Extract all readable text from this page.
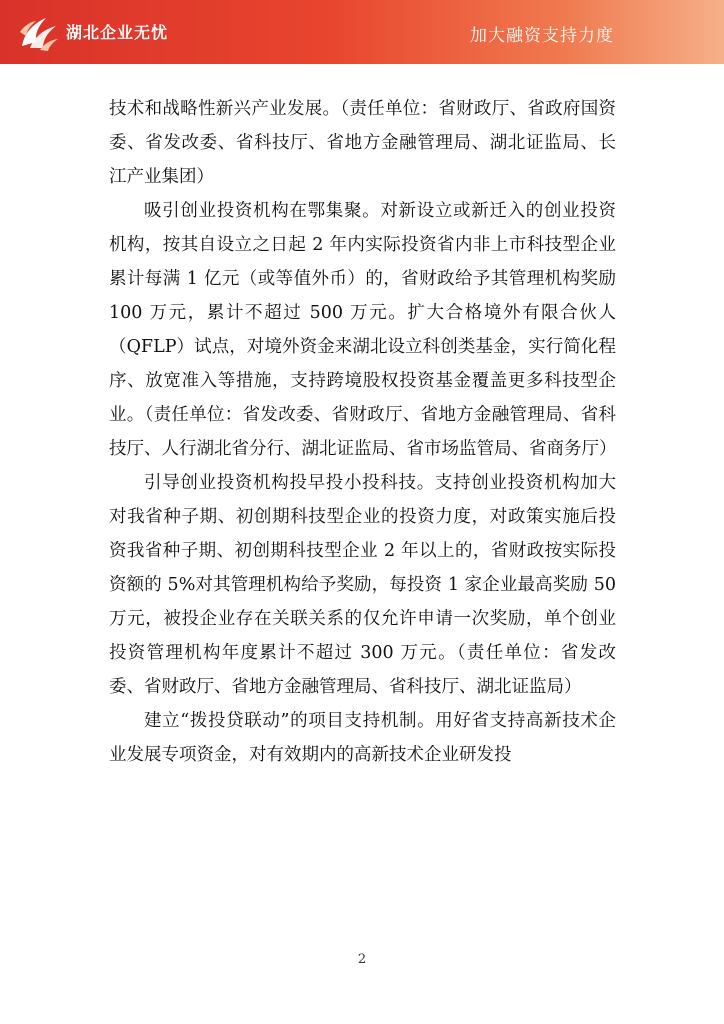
湖北企业无忧	加大融资支持力度

技术和战略性新兴产业发展。（责任单位：省财政厅、省政府国资委、省发改委、省科技厅、省地方金融管理局、湖北证监局、长江产业集团）

吸引创业投资机构在鄂集聚。对新设立或新迁入的创业投资机构，按其自设立之日起 2 年内实际投资省内非上市科技型企业累计每满 1 亿元（或等值外币）的，省财政给予其管理机构奖励 100 万元，累计不超过 500 万元。扩大合格境外有限合伙人（QFLP）试点，对境外资金来湖北设立科创类基金，实行简化程序、放宽准入等措施，支持跨境股权投资基金覆盖更多科技型企业。（责任单位：省发改委、省财政厅、省地方金融管理局、省科技厅、人行湖北省分行、湖北证监局、省市场监管局、省商务厅）

引导创业投资机构投早投小投科技。支持创业投资机构加大对我省种子期、初创期科技型企业的投资力度，对政策实施后投资我省种子期、初创期科技型企业 2 年以上的，省财政按实际投资额的 5%对其管理机构给予奖励，每投资 1 家企业最高奖励 50 万元，被投企业存在关联关系的仅允许申请一次奖励，单个创业投资管理机构年度累计不超过 300 万元。（责任单位：省发改委、省财政厅、省地方金融管理局、省科技厅、湖北证监局）

建立“拨投贷联动”的项目支持机制。用好省支持高新技术企业发展专项资金，对有效期内的高新技术企业研发投

2
